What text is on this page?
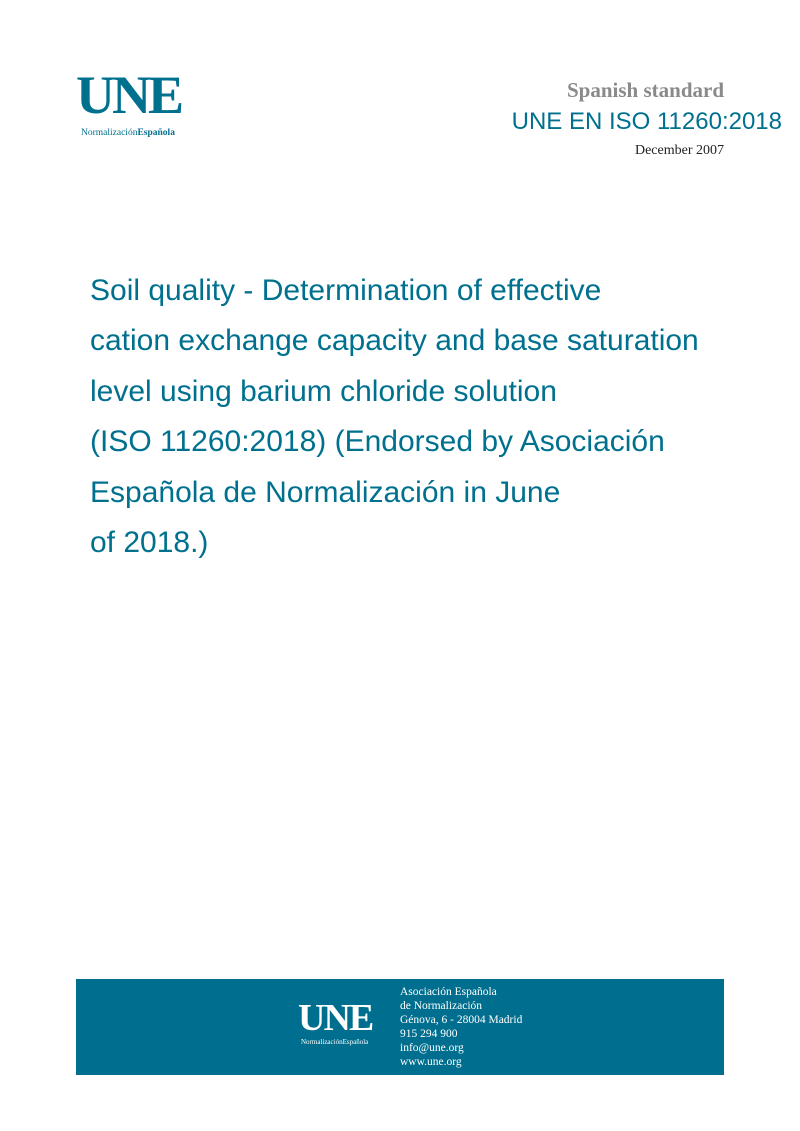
UNE
NormalizaciónEspañola
Spanish standard
UNE EN ISO 11260:2018
December 2007
Soil quality - Determination of effective
cation exchange capacity and base saturation
level using barium chloride solution
(ISO 11260:2018) (Endorsed by Asociación
Española de Normalización in June
of 2018.)
UNE
NormalizaciónEspañola
Asociación Española
de Normalización
Génova, 6 - 28004 Madrid
915 294 900
info@une.org
www.une.org
